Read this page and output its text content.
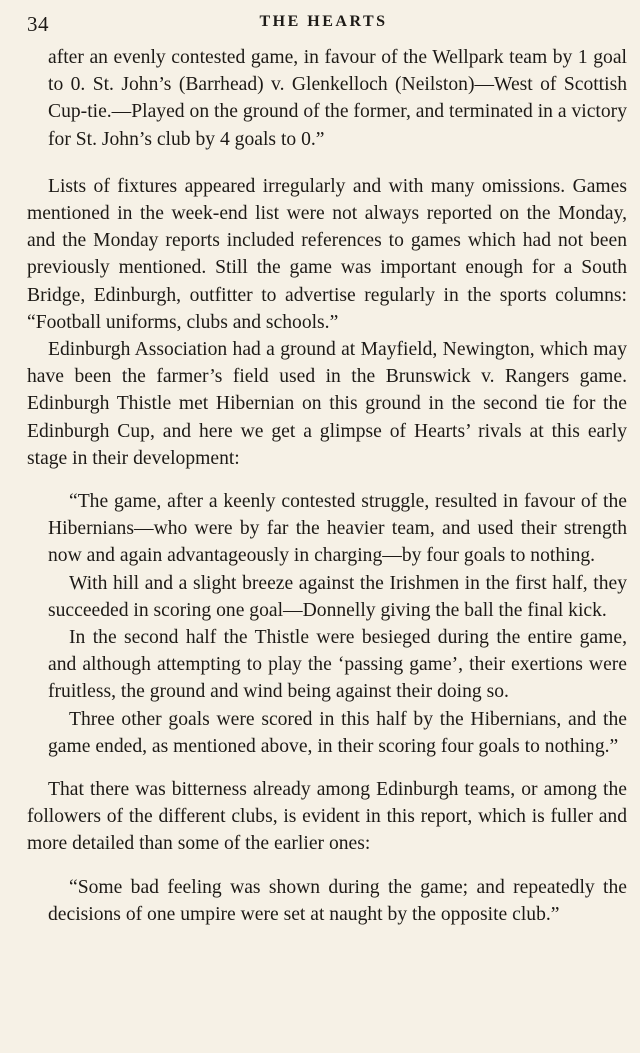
34	THE HEARTS

after an evenly contested game, in favour of the Wellpark team by 1 goal to 0. St. John’s (Barrhead) v. Glenkelloch (Neilston)—West of Scottish Cup-tie.—Played on the ground of the former, and terminated in a victory for St. John’s club by 4 goals to 0.”

Lists of fixtures appeared irregularly and with many omissions. Games mentioned in the week-end list were not always reported on the Monday, and the Monday reports included references to games which had not been previously mentioned. Still the game was important enough for a South Bridge, Edinburgh, outfitter to advertise regularly in the sports columns: “Football uniforms, clubs and schools.”

Edinburgh Association had a ground at Mayfield, Newington, which may have been the farmer’s field used in the Brunswick v. Rangers game. Edinburgh Thistle met Hibernian on this ground in the second tie for the Edinburgh Cup, and here we get a glimpse of Hearts’ rivals at this early stage in their development:

“The game, after a keenly contested struggle, resulted in favour of the Hibernians—who were by far the heavier team, and used their strength now and again advantageously in charging—by four goals to nothing.

With hill and a slight breeze against the Irishmen in the first half, they succeeded in scoring one goal—Donnelly giving the ball the final kick.

In the second half the Thistle were besieged during the entire game, and although attempting to play the ‘passing game’, their exertions were fruitless, the ground and wind being against their doing so.

Three other goals were scored in this half by the Hibernians, and the game ended, as mentioned above, in their scoring four goals to nothing.”

That there was bitterness already among Edinburgh teams, or among the followers of the different clubs, is evident in this report, which is fuller and more detailed than some of the earlier ones:

“Some bad feeling was shown during the game; and repeatedly the decisions of one umpire were set at naught by the opposite club.”
